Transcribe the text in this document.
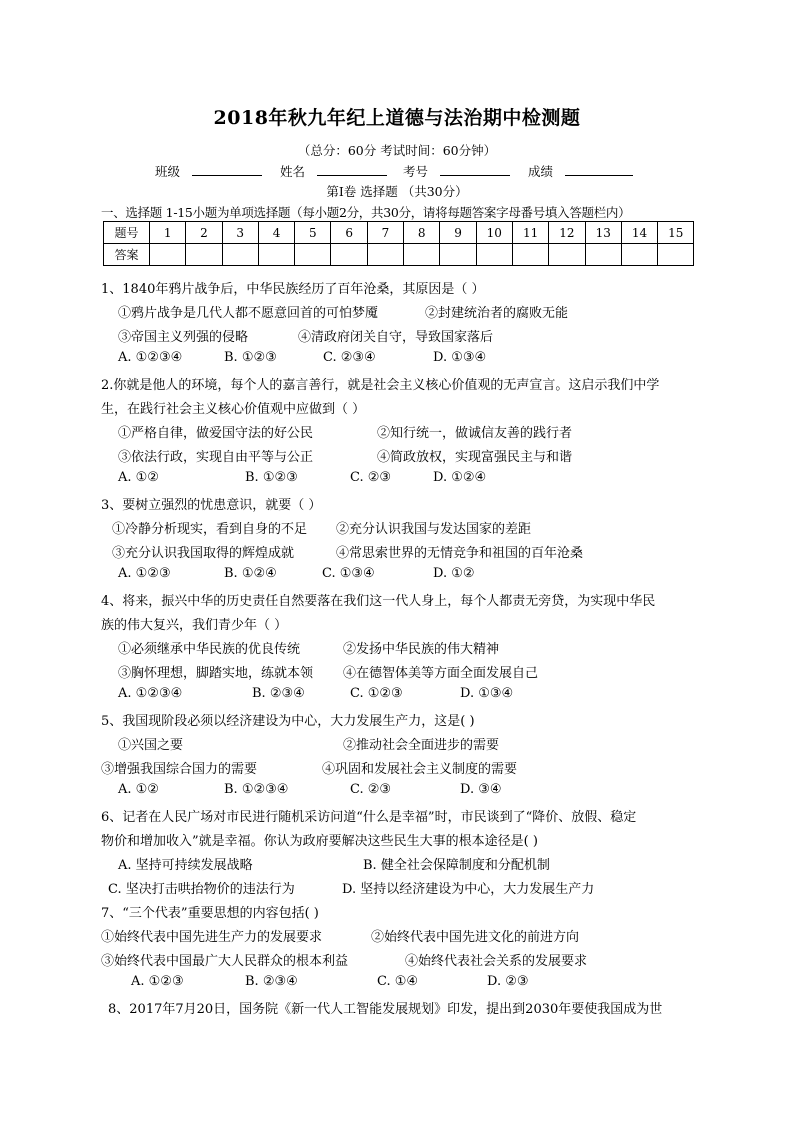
2018年秋九年纪上道德与法治期中检测题
（总分：60分 考试时间：60分钟）
班级	姓名	考号	成绩
第Ⅰ卷 选择题 （共30分）
一、选择题 1-15小题为单项选择题（每小题2分，共30分，请将每题答案字母番号填入答题栏内）
题号	1	2	3	4	5	6	7	8	9	10	11	12	13	14	15
答案															
1、1840年鸦片战争后，中华民族经历了百年沧桑，其原因是（ ）
①鸦片战争是几代人都不愿意回首的可怕梦魇	②封建统治者的腐败无能
③帝国主义列强的侵略	④清政府闭关自守，导致国家落后
A. ①②③④	B. ①②③	C. ②③④	D. ①③④
2.你就是他人的环境，每个人的嘉言善行，就是社会主义核心价值观的无声宣言。这启示我们中学
生，在践行社会主义核心价值观中应做到（ ）
①严格自律，做爱国守法的好公民	②知行统一，做诚信友善的践行者
③依法行政，实现自由平等与公正	④简政放权，实现富强民主与和谐
A. ①②	B. ①②③	C. ②③	D. ①②④
3、要树立强烈的忧患意识，就要（ ）
①冷静分析现实，看到自身的不足 ②充分认识我国与发达国家的差距
③充分认识我国取得的辉煌成就	④常思索世界的无情竞争和祖国的百年沧桑
A. ①②③	B. ①②④	C. ①③④	D. ①②
4、将来，振兴中华的历史责任自然要落在我们这一代人身上，每个人都责无旁贷，为实现中华民
族的伟大复兴，我们青少年（ ）
①必须继承中华民族的优良传统	②发扬中华民族的伟大精神
③胸怀理想，脚踏实地，练就本领 ④在德智体美等方面全面发展自己
A. ①②③④	B. ②③④	C. ①②③	D. ①③④
5、我国现阶段必须以经济建设为中心，大力发展生产力，这是( )
①兴国之要	②推动社会全面进步的需要
③增强我国综合国力的需要	④巩固和发展社会主义制度的需要
A. ①②	B. ①②③④	C. ②③	D. ③④
6、记者在人民广场对市民进行随机采访问道“什么是幸福”时，市民谈到了“降价、放假、稳定
物价和增加收入”就是幸福。你认为政府要解决这些民生大事的根本途径是( )
A. 坚持可持续发展战略	B. 健全社会保障制度和分配机制
C. 坚决打击哄抬物价的违法行为	D. 坚持以经济建设为中心，大力发展生产力
7、“三个代表”重要思想的内容包括( )
①始终代表中国先进生产力的发展要求	②始终代表中国先进文化的前进方向
③始终代表中国最广大人民群众的根本利益	④始终代表社会关系的发展要求
A. ①②③	B. ②③④	C. ①④	D. ②③
8、2017年7月20日，国务院《新一代人工智能发展规划》印发，提出到2030年要使我国成为世
